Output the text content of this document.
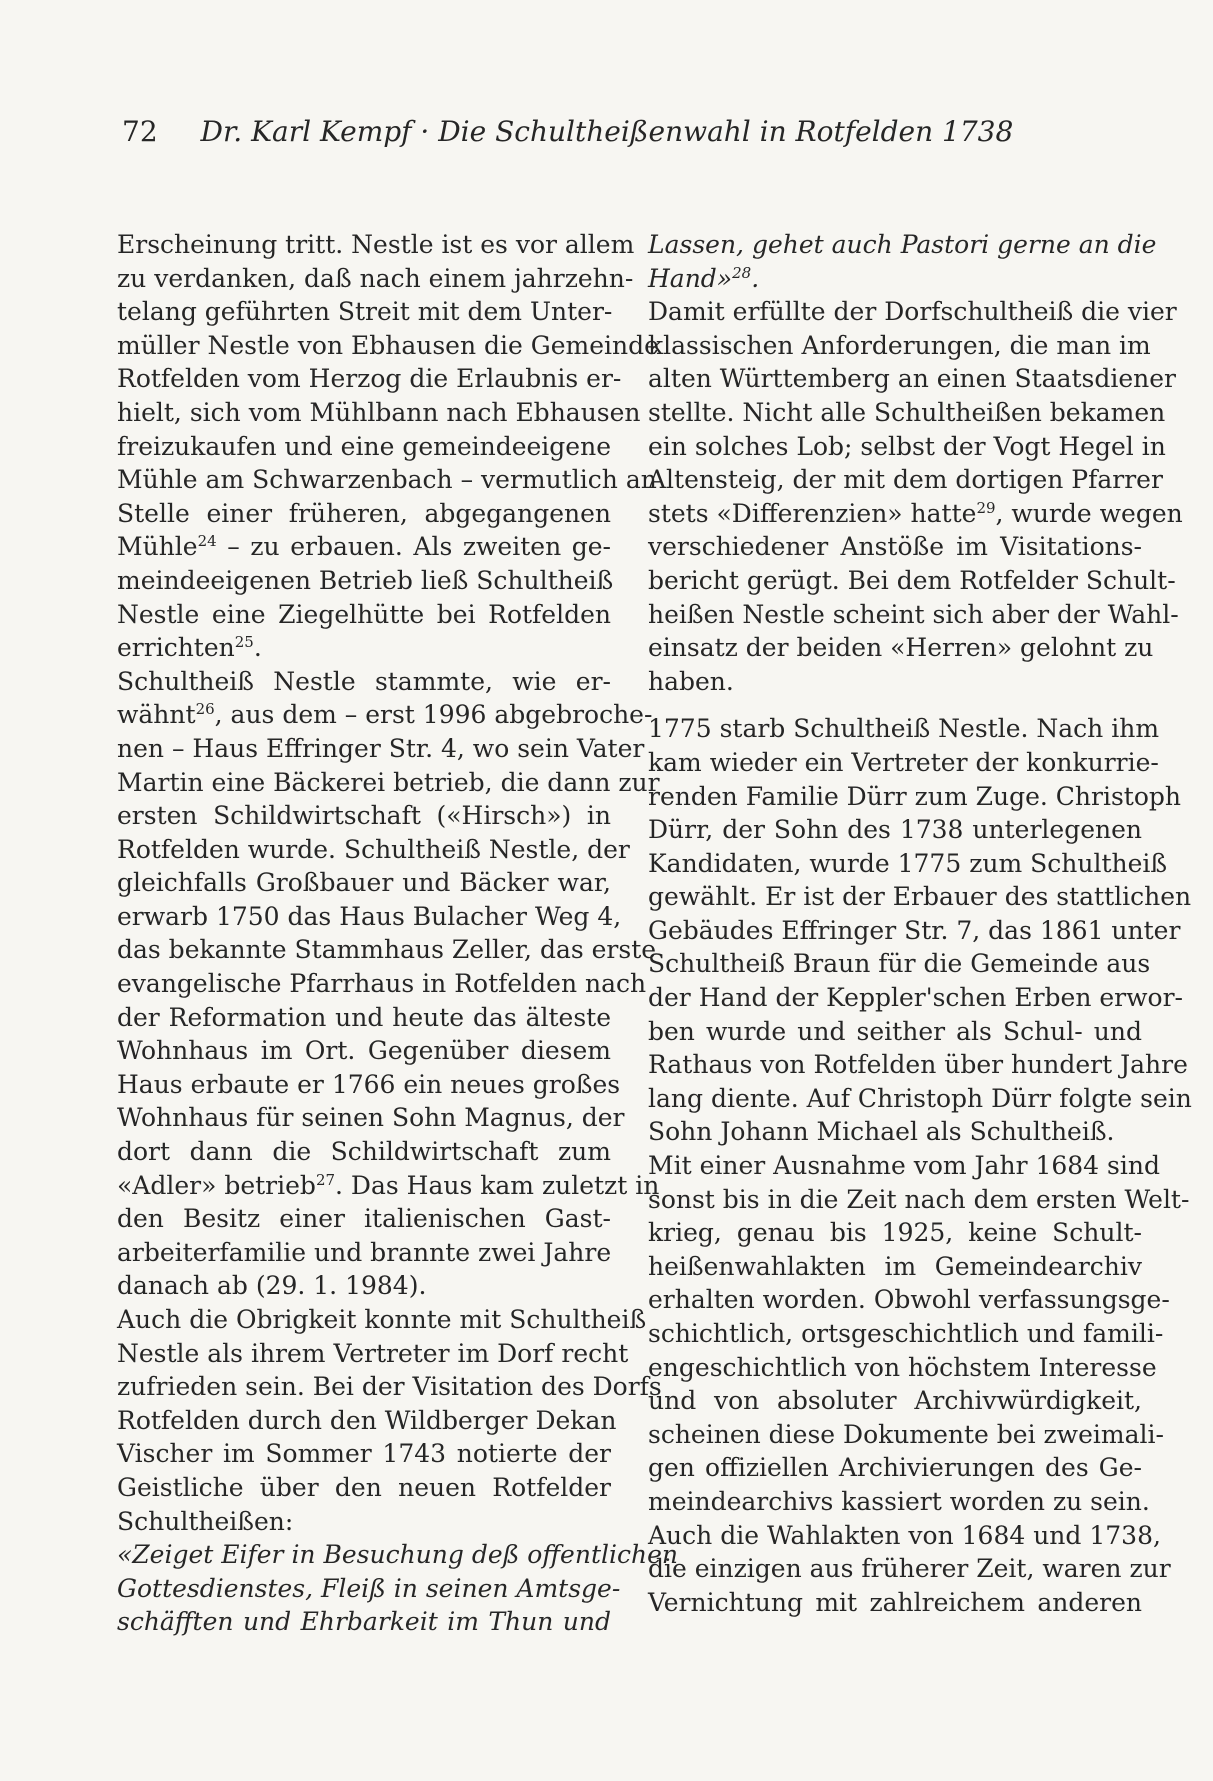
72 Dr. Karl Kempf · Die Schultheißenwahl in Rotfelden 1738
Erscheinung tritt. Nestle ist es vor allem
zu verdanken, daß nach einem jahrzehn-
telang geführten Streit mit dem Unter-
müller Nestle von Ebhausen die Gemeinde
Rotfelden vom Herzog die Erlaubnis er-
hielt, sich vom Mühlbann nach Ebhausen
freizukaufen und eine gemeindeeigene
Mühle am Schwarzenbach – vermutlich an
Stelle einer früheren, abgegangenen
Mühle$^{24}$ – zu erbauen. Als zweiten ge-
meindeeigenen Betrieb ließ Schultheiß
Nestle eine Ziegelhütte bei Rotfelden
errichten$^{25}$.
Schultheiß Nestle stammte, wie er-
wähnt$^{26}$, aus dem – erst 1996 abgebroche-
nen – Haus Effringer Str. 4, wo sein Vater
Martin eine Bäckerei betrieb, die dann zur
ersten Schildwirtschaft («Hirsch») in
Rotfelden wurde. Schultheiß Nestle, der
gleichfalls Großbauer und Bäcker war,
erwarb 1750 das Haus Bulacher Weg 4,
das bekannte Stammhaus Zeller, das erste
evangelische Pfarrhaus in Rotfelden nach
der Reformation und heute das älteste
Wohnhaus im Ort. Gegenüber diesem
Haus erbaute er 1766 ein neues großes
Wohnhaus für seinen Sohn Magnus, der
dort dann die Schildwirtschaft zum
«Adler» betrieb$^{27}$. Das Haus kam zuletzt in
den Besitz einer italienischen Gast-
arbeiterfamilie und brannte zwei Jahre
danach ab (29. 1. 1984).
Auch die Obrigkeit konnte mit Schultheiß
Nestle als ihrem Vertreter im Dorf recht
zufrieden sein. Bei der Visitation des Dorfs
Rotfelden durch den Wildberger Dekan
Vischer im Sommer 1743 notierte der
Geistliche über den neuen Rotfelder
Schultheißen:
«Zeiget Eifer in Besuchung deß offentlichen
Gottesdienstes, Fleiß in seinen Amtsge-
schäfften und Ehrbarkeit im Thun und
Lassen, gehet auch Pastori gerne an die
Hand»$^{28}$.
Damit erfüllte der Dorfschultheiß die vier
klassischen Anforderungen, die man im
alten Württemberg an einen Staatsdiener
stellte. Nicht alle Schultheißen bekamen
ein solches Lob; selbst der Vogt Hegel in
Altensteig, der mit dem dortigen Pfarrer
stets «Differenzien» hatte$^{29}$, wurde wegen
verschiedener Anstöße im Visitations-
bericht gerügt. Bei dem Rotfelder Schult-
heißen Nestle scheint sich aber der Wahl-
einsatz der beiden «Herren» gelohnt zu
haben.
1775 starb Schultheiß Nestle. Nach ihm
kam wieder ein Vertreter der konkurrie-
renden Familie Dürr zum Zuge. Christoph
Dürr, der Sohn des 1738 unterlegenen
Kandidaten, wurde 1775 zum Schultheiß
gewählt. Er ist der Erbauer des stattlichen
Gebäudes Effringer Str. 7, das 1861 unter
Schultheiß Braun für die Gemeinde aus
der Hand der Keppler'schen Erben erwor-
ben wurde und seither als Schul- und
Rathaus von Rotfelden über hundert Jahre
lang diente. Auf Christoph Dürr folgte sein
Sohn Johann Michael als Schultheiß.
Mit einer Ausnahme vom Jahr 1684 sind
sonst bis in die Zeit nach dem ersten Welt-
krieg, genau bis 1925, keine Schult-
heißenwahlakten im Gemeindearchiv
erhalten worden. Obwohl verfassungsge-
schichtlich, ortsgeschichtlich und famili-
engeschichtlich von höchstem Interesse
und von absoluter Archivwürdigkeit,
scheinen diese Dokumente bei zweimali-
gen offiziellen Archivierungen des Ge-
meindearchivs kassiert worden zu sein.
Auch die Wahlakten von 1684 und 1738,
die einzigen aus früherer Zeit, waren zur
Vernichtung mit zahlreichem anderen
